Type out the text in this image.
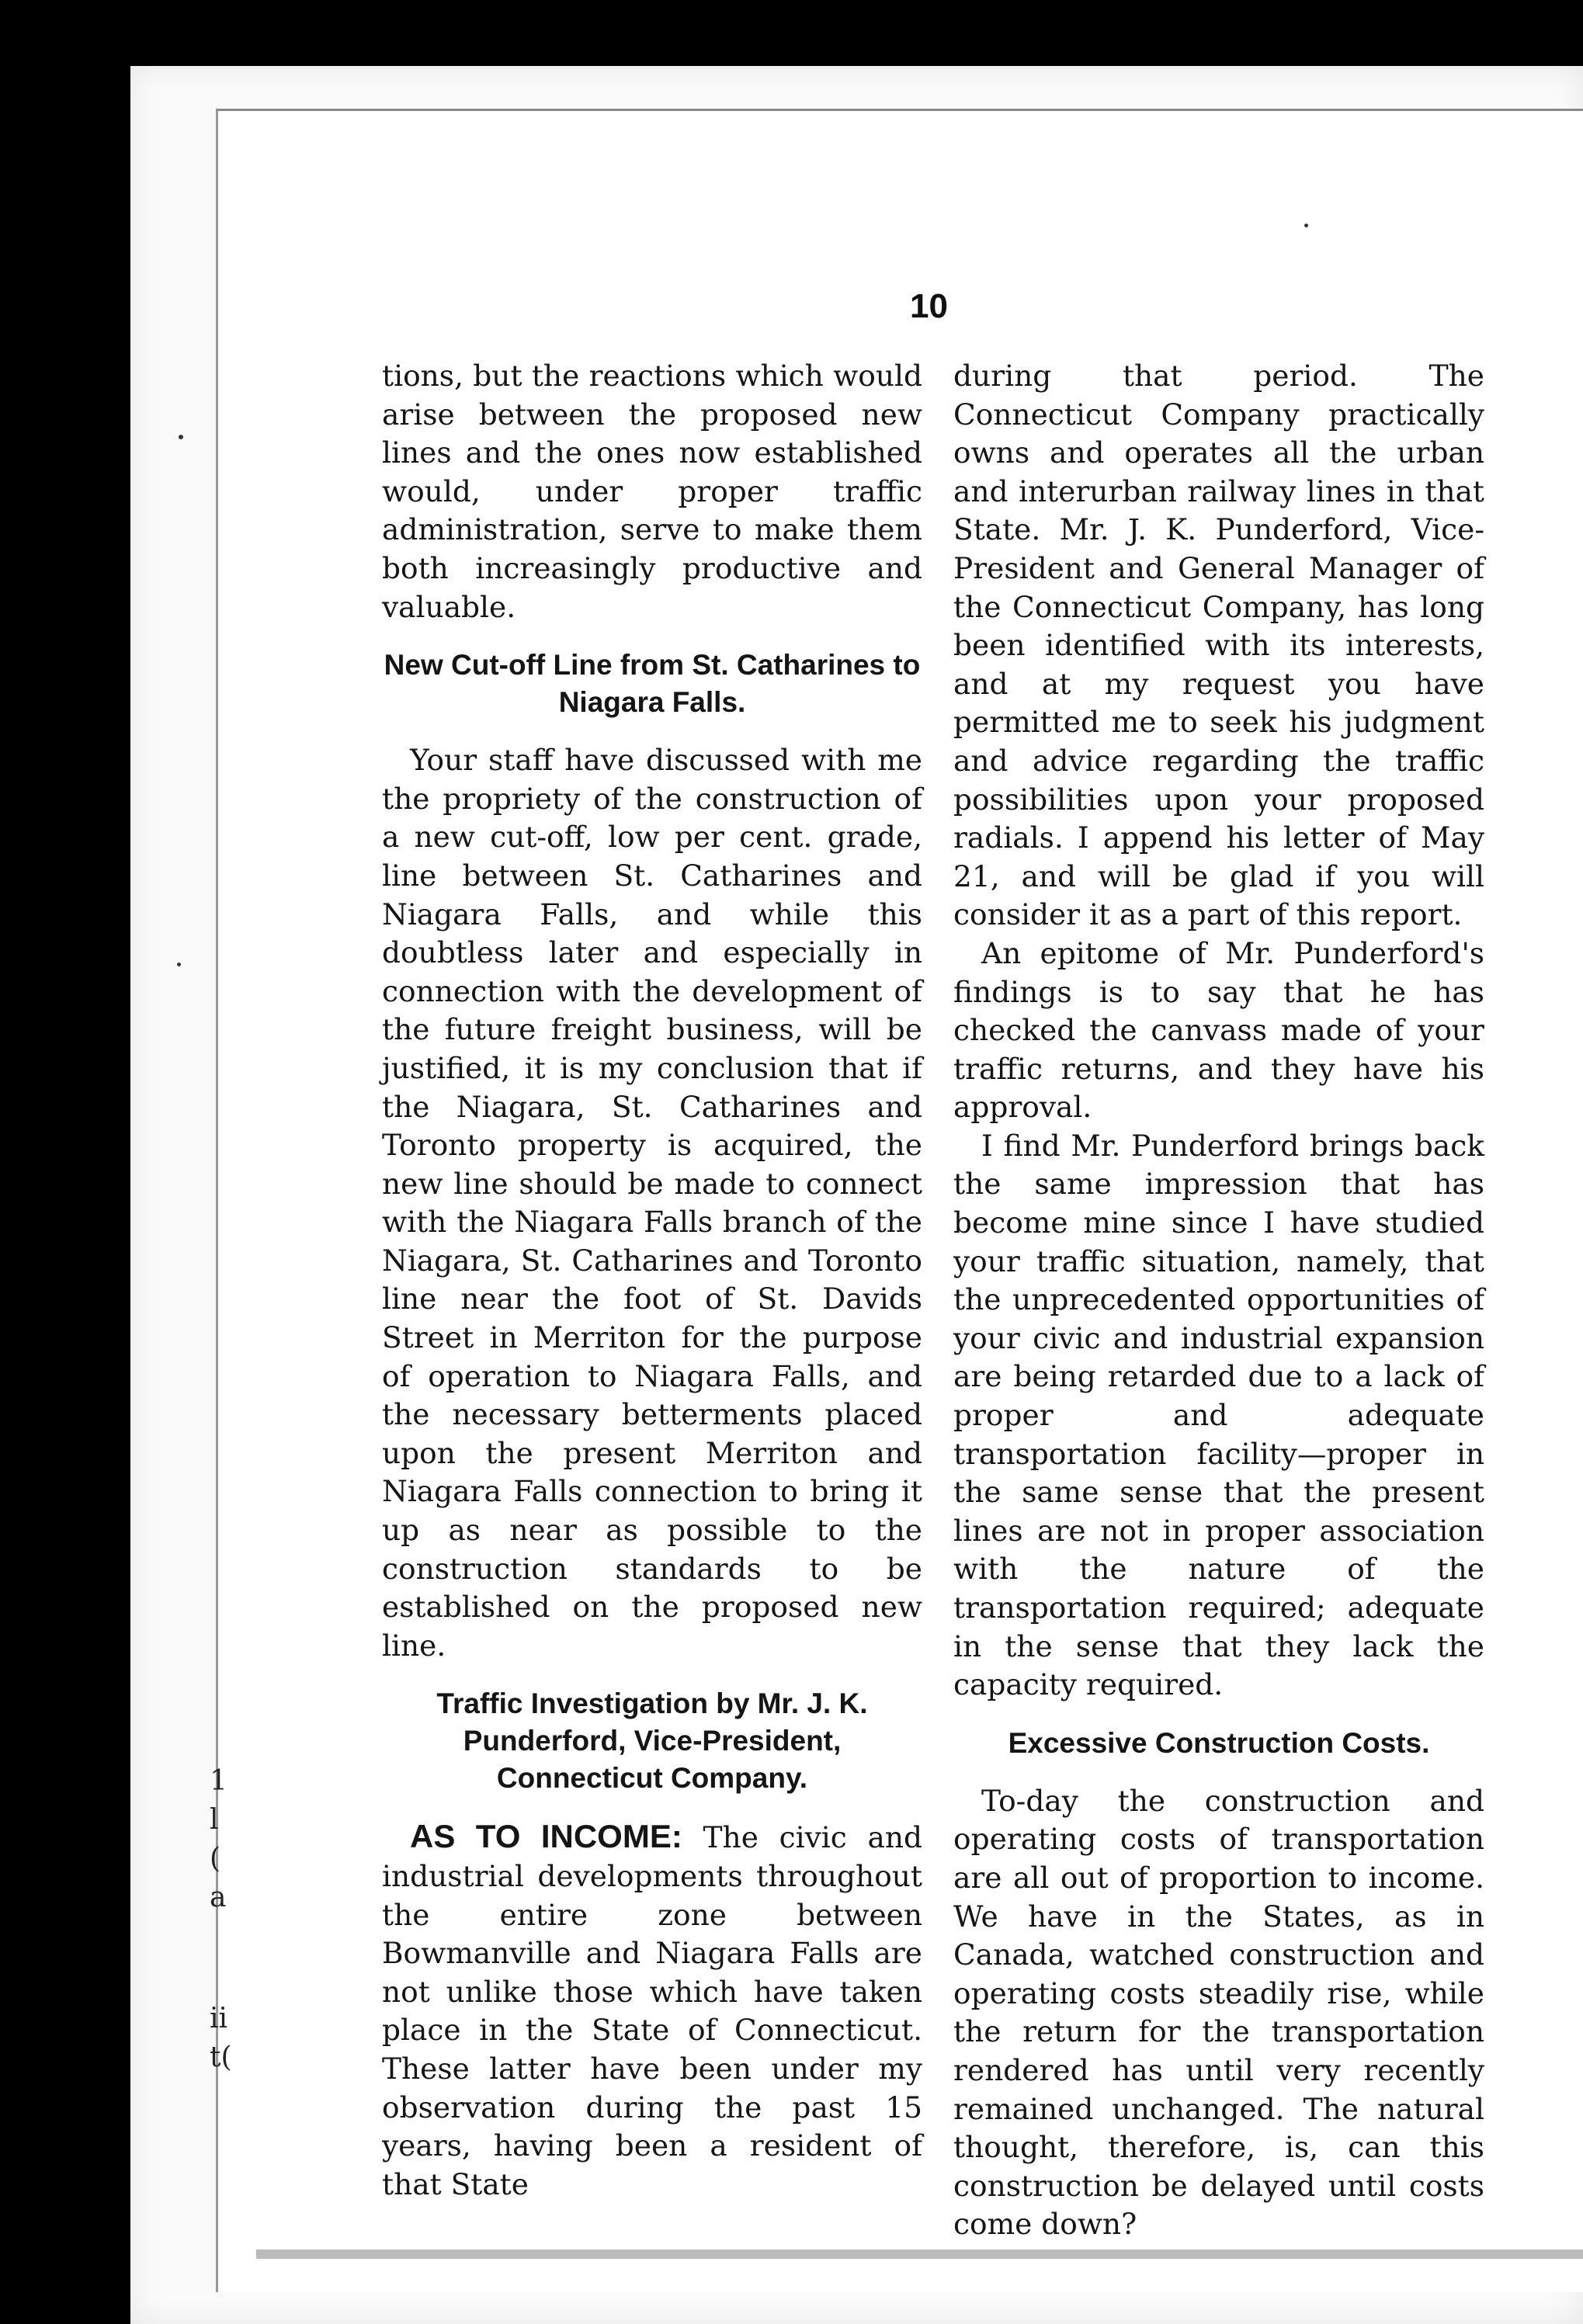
1
l
(
a
ii
t(
10

tions, but the reactions which would arise between the proposed new lines and the ones now established would, under proper traffic administration, serve to make them both increasingly productive and valuable.

New Cut-off Line from St. Catharines to Niagara Falls.

Your staff have discussed with me the propriety of the construction of a new cut-off, low per cent. grade, line between St. Catharines and Niagara Falls, and while this doubtless later and especially in connection with the development of the future freight business, will be justified, it is my conclusion that if the Niagara, St. Catharines and Toronto property is acquired, the new line should be made to connect with the Niagara Falls branch of the Niagara, St. Catharines and Toronto line near the foot of St. Davids Street in Merriton for the purpose of operation to Niagara Falls, and the necessary betterments placed upon the present Merriton and Niagara Falls connection to bring it up as near as possible to the construction standards to be established on the proposed new line.

Traffic Investigation by Mr. J. K. Punderford, Vice-President, Connecticut Company.

AS TO INCOME: The civic and industrial developments throughout the entire zone between Bowmanville and Niagara Falls are not unlike those which have taken place in the State of Connecticut. These latter have been under my observation during the past 15 years, having been a resident of that State

during that period. The Connecticut Company practically owns and operates all the urban and interurban railway lines in that State. Mr. J. K. Punderford, Vice-President and General Manager of the Connecticut Company, has long been identified with its interests, and at my request you have permitted me to seek his judgment and advice regarding the traffic possibilities upon your proposed radials. I append his letter of May 21, and will be glad if you will consider it as a part of this report.

An epitome of Mr. Punderford's findings is to say that he has checked the canvass made of your traffic returns, and they have his approval.

I find Mr. Punderford brings back the same impression that has become mine since I have studied your traffic situation, namely, that the unprecedented opportunities of your civic and industrial expansion are being retarded due to a lack of proper and adequate transportation facility—proper in the same sense that the present lines are not in proper association with the nature of the transportation required; adequate in the sense that they lack the capacity required.

Excessive Construction Costs.

To-day the construction and operating costs of transportation are all out of proportion to income. We have in the States, as in Canada, watched construction and operating costs steadily rise, while the return for the transportation rendered has until very recently remained unchanged. The natural thought, therefore, is, can this construction be delayed until costs come down?
